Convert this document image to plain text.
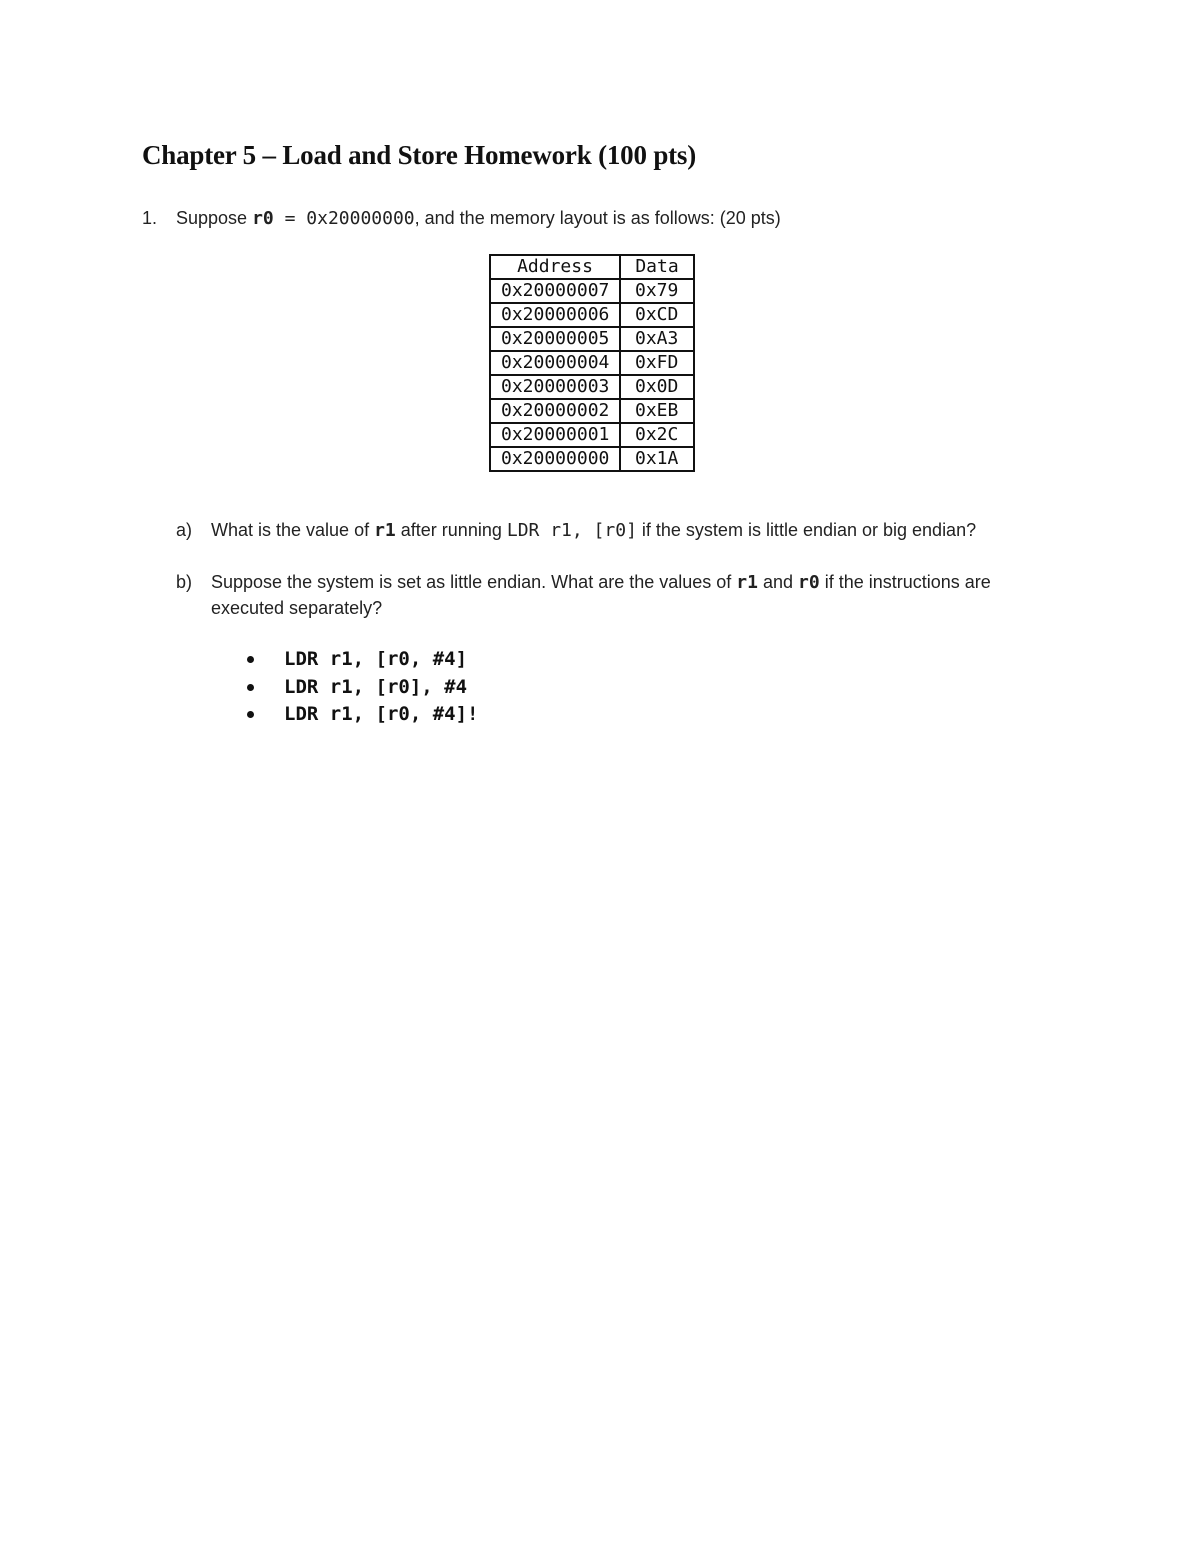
Chapter 5 – Load and Store Homework (100 pts)
1. Suppose r0 = 0x20000000, and the memory layout is as follows: (20 pts)
Address	Data
0x20000007	0x79
0x20000006	0xCD
0x20000005	0xA3
0x20000004	0xFD
0x20000003	0x0D
0x20000002	0xEB
0x20000001	0x2C
0x20000000	0x1A
a) What is the value of r1 after running LDR r1, [r0] if the system is little endian or big endian?
b) Suppose the system is set as little endian. What are the values of r1 and r0 if the instructions are
executed separately?
LDR r1, [r0, #4]
LDR r1, [r0], #4
LDR r1, [r0, #4]!
